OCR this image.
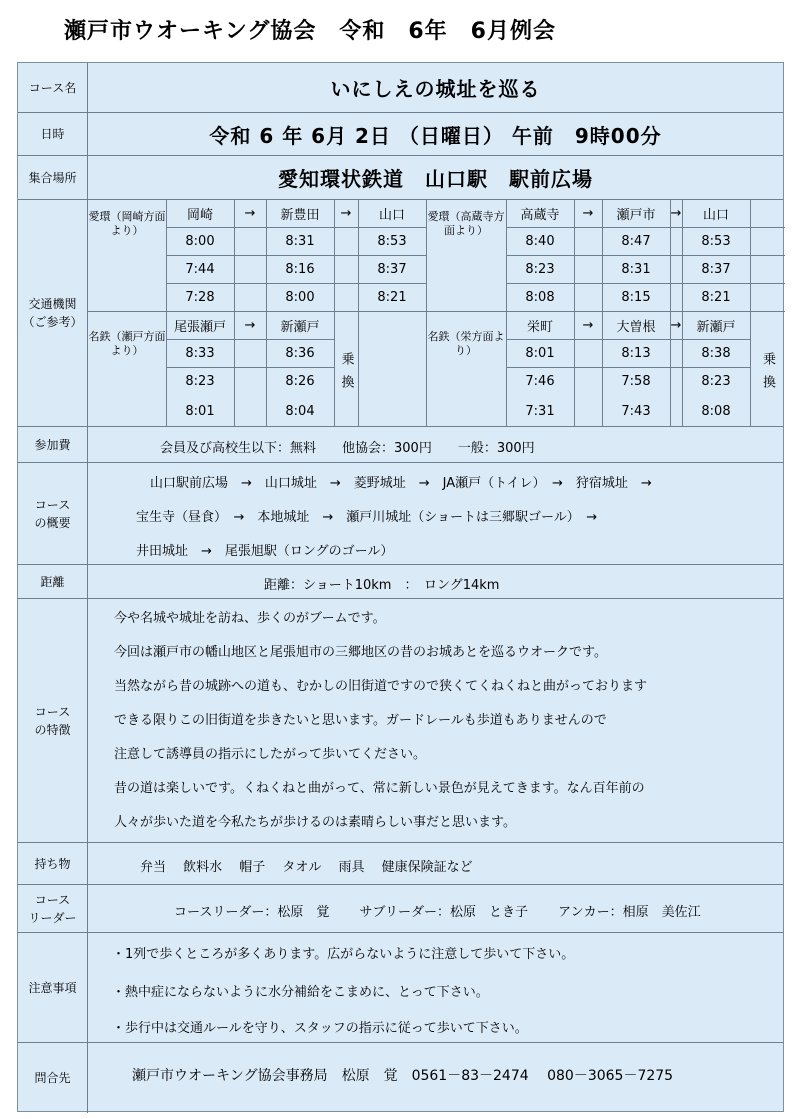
瀬戸市ウオーキング協会　令和　6年　6月例会
コース名	いにしえの城址を巡る
日時	令和 6 年 6月 2日 （日曜日） 午前　9時00分
集合場所	愛知環状鉄道　山口駅　駅前広場
交通機関
（ご参考）
愛環（岡崎方面より）
岡崎	→	新豊田	→	山口
8:00	8:31	8:53
7:44	8:16	8:37
7:28	8:00	8:21
名鉄（瀬戸方面より）
尾張瀬戸	→	新瀬戸
8:33	8:36
8:23	8:26
8:01	8:04
乗換
愛環（高蔵寺方面より）
高蔵寺	→	瀬戸市	→	山口
8:40	8:47	8:53
8:23	8:31	8:37
8:08	8:15	8:21
名鉄（栄方面より）
栄町	→	大曽根	→	新瀬戸
8:01	8:13	8:38
7:46	7:58	8:23
7:31	7:43	8:08
乗換
参加費	会員及び高校生以下：無料　　他協会：300円　　一般：300円
コースの概要
山口駅前広場　→　山口城址　→　菱野城址　→　JA瀬戸（トイレ）　→　狩宿城址　→
宝生寺（昼食）　→　本地城址　→　瀬戸川城址（ショートは三郷駅ゴール）　→
井田城址　→　尾張旭駅（ロングのゴール）
距離	距離：ショート10km　：　ロング14km
コースの特徴
今や名城や城址を訪ね、歩くのがブームです。
今回は瀬戸市の幡山地区と尾張旭市の三郷地区の昔のお城あとを巡るウオークです。
当然ながら昔の城跡への道も、むかしの旧街道ですので狭くてくねくねと曲がっております
できる限りこの旧街道を歩きたいと思います。ガードレールも歩道もありませんので
注意して誘導員の指示にしたがって歩いてください。
昔の道は楽しいです。くねくねと曲がって、常に新しい景色が見えてきます。なん百年前の
人々が歩いた道を今私たちが歩けるのは素晴らしい事だと思います。
持ち物	弁当　 飲料水　 帽子　 タオル　 雨具　 健康保険証など
コース
リーダー	コースリーダー：松原　覚　　 サブリーダー：松原　とき子　　 アンカー：相原　美佐江
注意事項
・1列で歩くところが多くあります。広がらないように注意して歩いて下さい。
・熱中症にならないように水分補給をこまめに、とって下さい。
・歩行中は交通ルールを守り、スタッフの指示に従って歩いて下さい。
問合先	瀬戸市ウオーキング協会事務局　松原　覚　0561－83－2474　 080－3065－7275
